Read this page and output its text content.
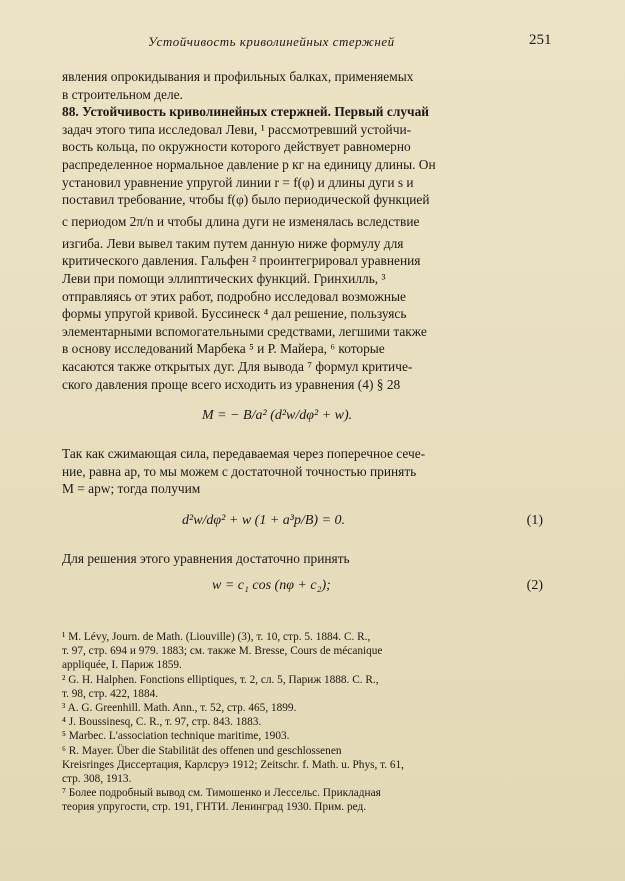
Устойчивость криволинейных стержней	251
явления опрокидывания и профильных балках, применяемых
в строительном деле.
88. Устойчивость криволинейных стержней. Первый случай
задач этого типа исследовал Леви, ¹ рассмотревший устойчи-
вость кольца, по окружности которого действует равномерно
распределенное нормальное давление p кг на единицу длины. Он
установил уравнение упругой линии r = f(φ) и длины дуги s и
поставил требование, чтобы f(φ) было периодической функцией
с периодом 2π/n и чтобы длина дуги не изменялась вследствие
изгиба. Леви вывел таким путем данную ниже формулу для
критического давления. Гальфен ² проинтегрировал уравнения
Леви при помощи эллиптических функций. Гринхилль, ³
отправляясь от этих работ, подробно исследовал возможные
формы упругой кривой. Буссинеск ⁴ дал решение, пользуясь
элементарными вспомогательными средствами, легшими также
в основу исследований Марбека ⁵ и Р. Майера, ⁶ которые
касаются также открытых дуг. Для вывода ⁷ формул критиче-
ского давления проще всего исходить из уравнения (4) § 28
M = − B/a² (d²w/dφ² + w).
Так как сжимающая сила, передаваемая через поперечное сече-
ние, равна ap, то мы можем с достаточной точностью принять
M = apw; тогда получим
d²w/dφ² + w (1 + a³p/B) = 0.	(1)
Для решения этого уравнения достаточно принять
w = c₁ cos (nφ + c₂);	(2)
¹ M. Lévy, Journ. de Math. (Liouville) (3), т. 10, стр. 5. 1884. C. R.,
т. 97, стр. 694 и 979. 1883; см. также M. Bresse, Cours de mécanique
appliquée, I. Париж 1859.
² G. H. Halphen. Fonctions elliptiques, т. 2, сл. 5, Париж 1888. C. R.,
т. 98, стр. 422, 1884.
³ A. G. Greenhill. Math. Ann., т. 52, стр. 465, 1899.
⁴ J. Boussinesq, C. R., т. 97, стр. 843. 1883.
⁵ Marbec. L'association technique maritime, 1903.
⁶ R. Mayer. Über die Stabilität des offenen und geschlossenen
Kreisringes Диссертация, Карлсруэ 1912; Zeitschr. f. Math. u. Phys, т. 61,
стр. 308, 1913.
⁷ Более подробный вывод см. Тимошенко и Лессельс. Прикладная
теория упругости, стр. 191, ГНТИ. Ленинград 1930. Прим. ред.
